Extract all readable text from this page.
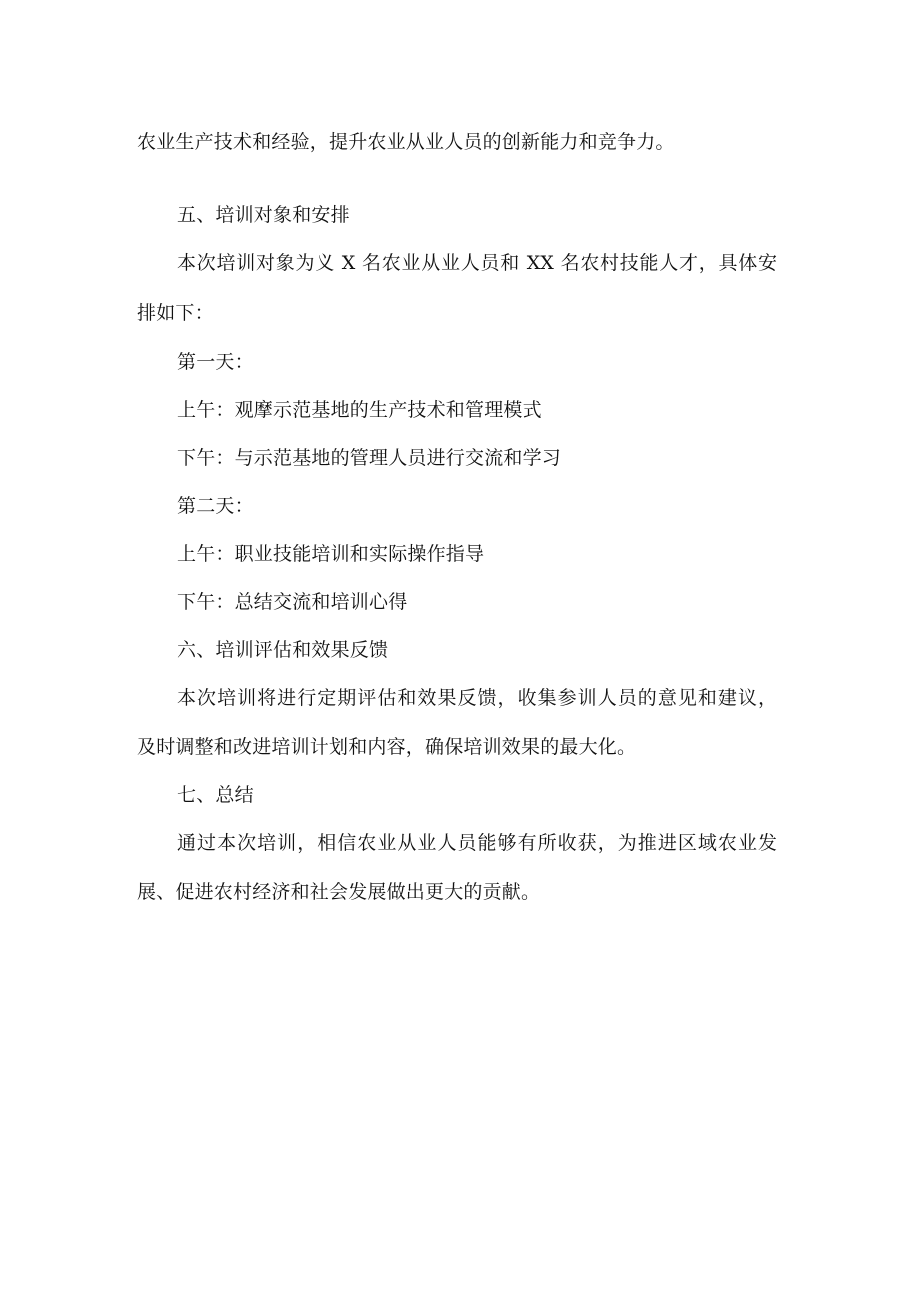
农业生产技术和经验，提升农业从业人员的创新能力和竞争力。

五、培训对象和安排

本次培训对象为义 X 名农业从业人员和 XX 名农村技能人才，具体安

排如下：

第一天：

上午：观摩示范基地的生产技术和管理模式

下午：与示范基地的管理人员进行交流和学习

第二天：

上午：职业技能培训和实际操作指导

下午：总结交流和培训心得

六、培训评估和效果反馈

本次培训将进行定期评估和效果反馈，收集参训人员的意见和建议，

及时调整和改进培训计划和内容，确保培训效果的最大化。

七、总结

通过本次培训，相信农业从业人员能够有所收获，为推进区域农业发

展、促进农村经济和社会发展做出更大的贡献。
